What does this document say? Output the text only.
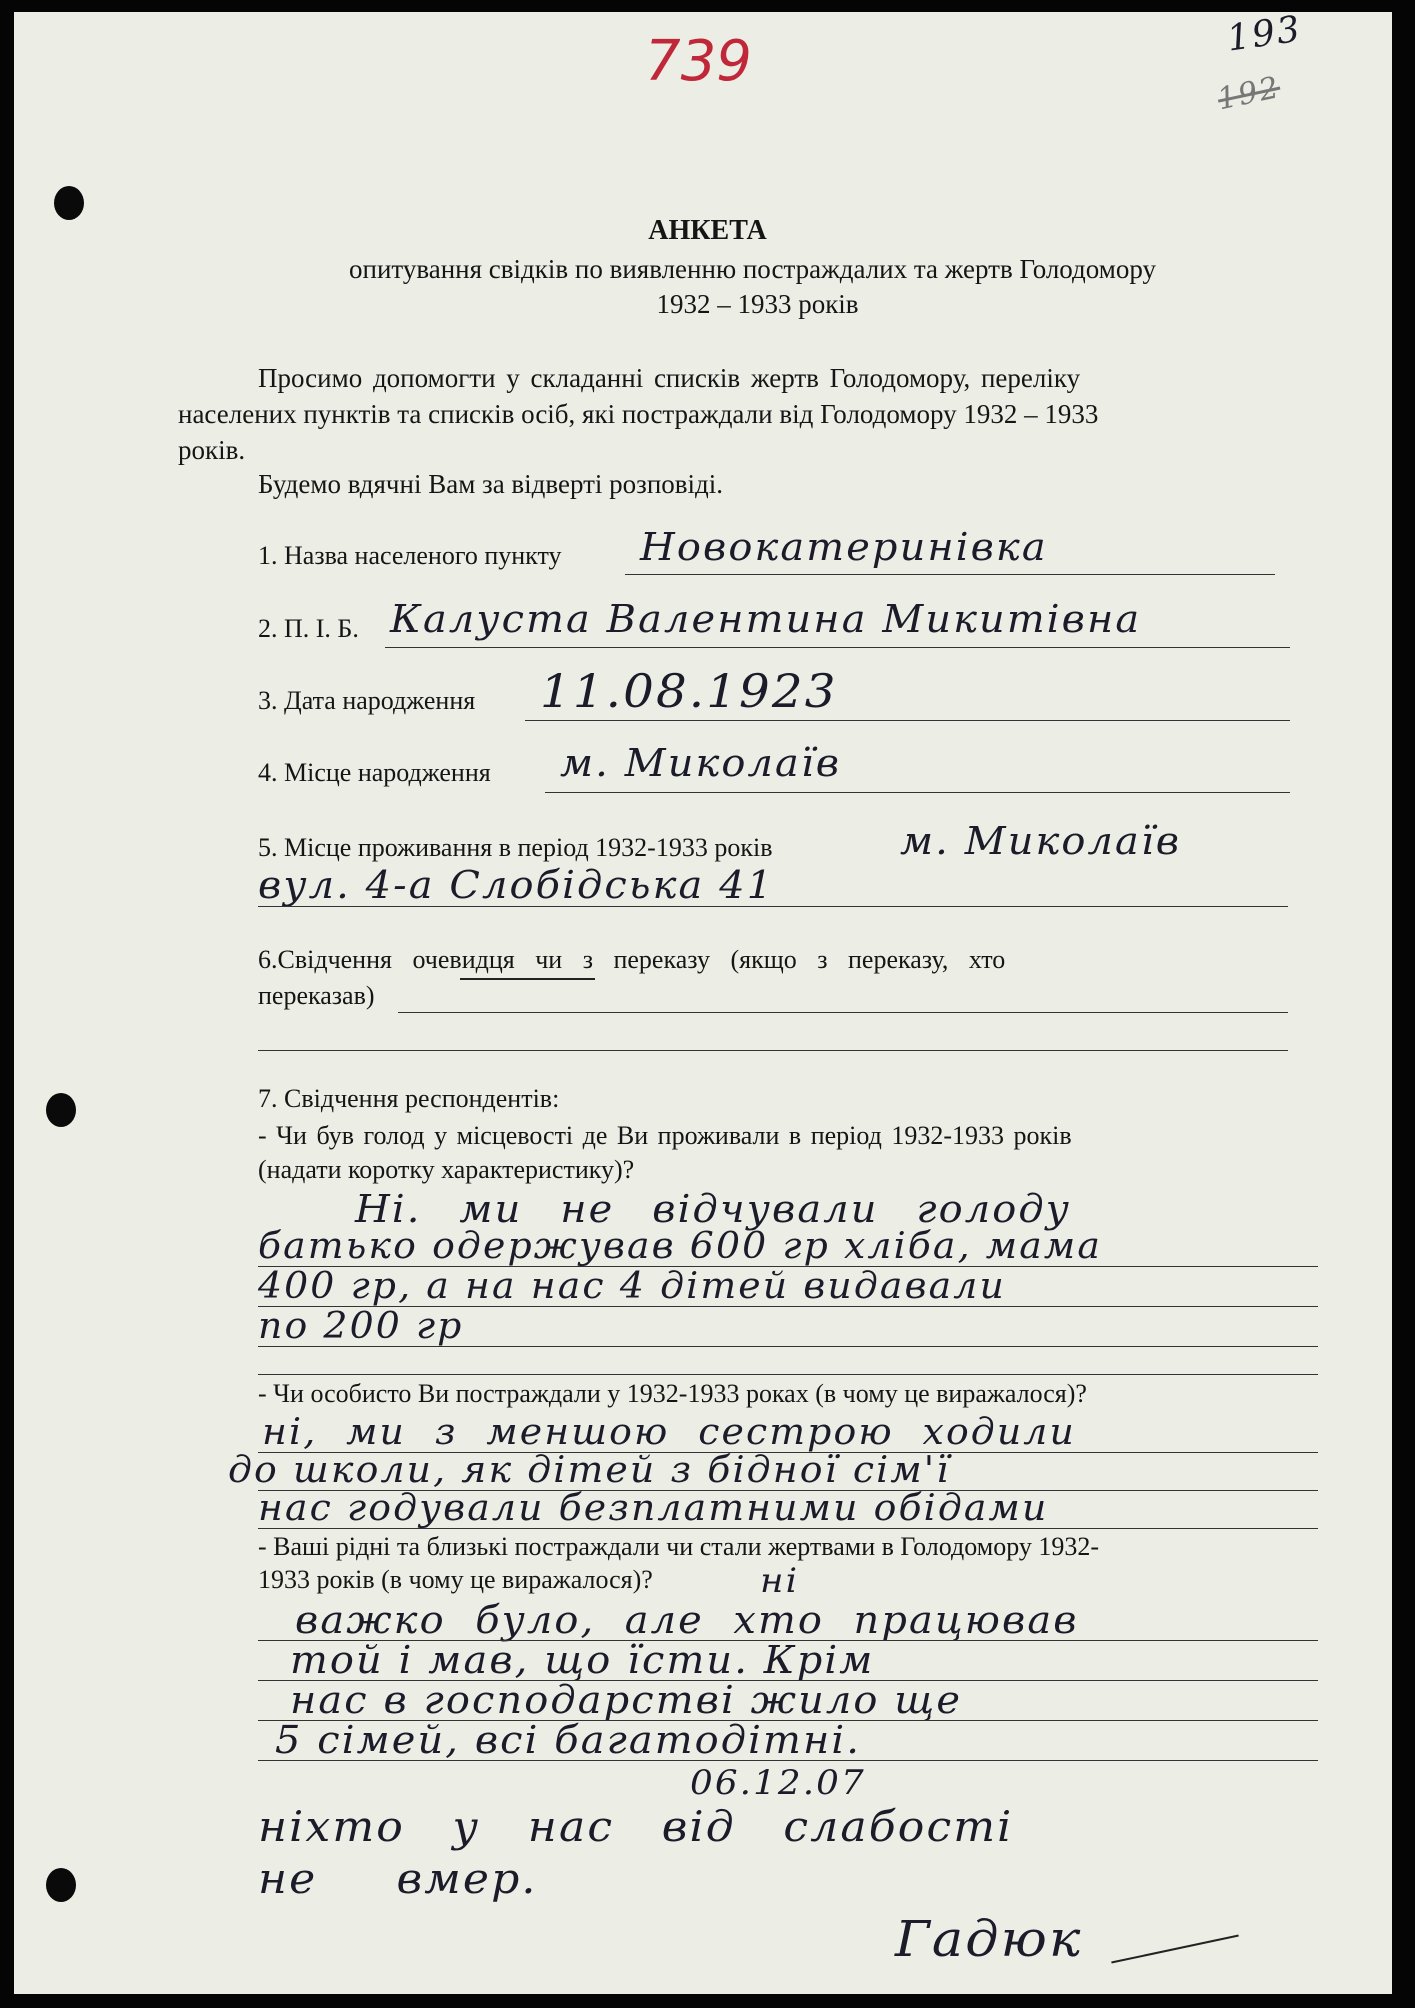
739	193
192
АНКЕТА
опитування свідків по виявленню постраждалих та жертв Голодомору
1932 – 1933 років
Просимо допомогти у складанні списків жертв Голодомору, переліку
населених пунктів та списків осіб, які постраждали від Голодомору 1932 – 1933
років.
Будемо вдячні Вам за відверті розповіді.
1. Назва населеного пункту Новокатеринівка
2. П. І. Б. Калуста Валентина Микитівна
3. Дата народження 11.08.1923
4. Місце народження м. Миколаїв
5. Місце проживання в період 1932-1933 років	м. Миколаїв
вул. 4-а Слобідська 41
6.Свідчення очевидця чи з переказу (якщо з переказу, хто
переказав)
7. Свідчення респондентів:
- Чи був голод у місцевості де Ви проживали в період 1932-1933 років
(надати коротку характеристику)?
Ні. ми не відчували голоду
батько одержував 600 гр хліба, мама
400 гр, а на нас 4 дітей видавали
по 200 гр
- Чи особисто Ви постраждали у 1932-1933 роках (в чому це виражалося)?
ні, ми з меншою сестрою ходили
до школи, як дітей з бідної сім'ї
нас годували безплатними обідами
- Ваші рідні та близькі постраждали чи стали жертвами в Голодомору 1932-
1933 років (в чому це виражалося)?	ні
важко було, але хто працював
той і мав, що їсти. Крім
нас в господарстві жило ще
5 сімей, всі багатодітні.
06.12.07
ніхто у нас від слабості
не вмер.
Гадюк
